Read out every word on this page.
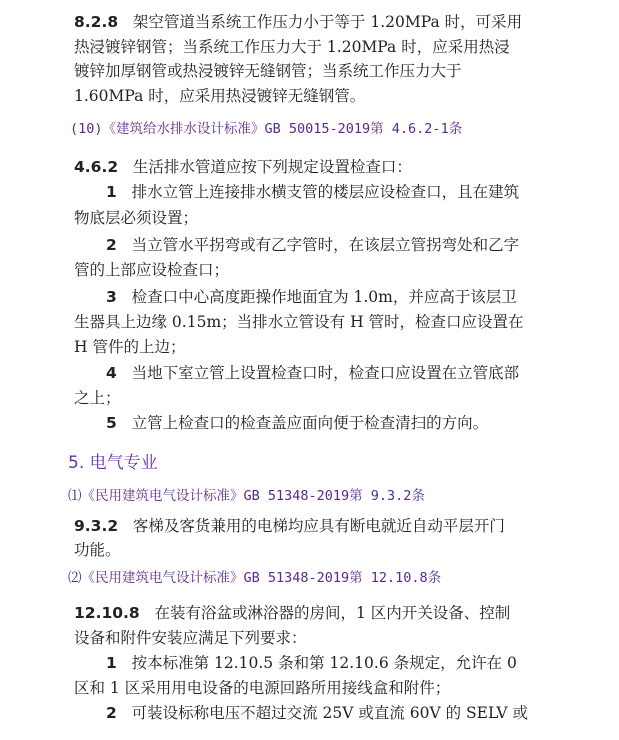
8.2.8 架空管道当系统工作压力小于等于 1.20MPa 时，可采用
热浸镀锌钢管；当系统工作压力大于 1.20MPa 时，应采用热浸
镀锌加厚钢管或热浸镀锌无缝钢管；当系统工作压力大于
1.60MPa 时，应采用热浸镀锌无缝钢管。
(10)《建筑给水排水设计标准》GB 50015-2019第 4.6.2-1条
4.6.2 生活排水管道应按下列规定设置检查口：
1 排水立管上连接排水横支管的楼层应设检查口，且在建筑
物底层必须设置；
2 当立管水平拐弯或有乙字管时，在该层立管拐弯处和乙字
管的上部应设检查口；
3 检查口中心高度距操作地面宜为 1.0m，并应高于该层卫
生器具上边缘 0.15m；当排水立管设有 H 管时，检查口应设置在
H 管件的上边；
4 当地下室立管上设置检查口时，检查口应设置在立管底部
之上；
5 立管上检查口的检查盖应面向便于检查清扫的方向。
5. 电气专业
⑴《民用建筑电气设计标准》GB 51348-2019第 9.3.2条
9.3.2 客梯及客货兼用的电梯均应具有断电就近自动平层开门
功能。
⑵《民用建筑电气设计标准》GB 51348-2019第 12.10.8条
12.10.8 在装有浴盆或淋浴器的房间，1 区内开关设备、控制
设备和附件安装应满足下列要求：
1 按本标准第 12.10.5 条和第 12.10.6 条规定，允许在 0
区和 1 区采用用电设备的电源回路所用接线盒和附件；
2 可装设标称电压不超过交流 25V 或直流 60V 的 SELV 或
